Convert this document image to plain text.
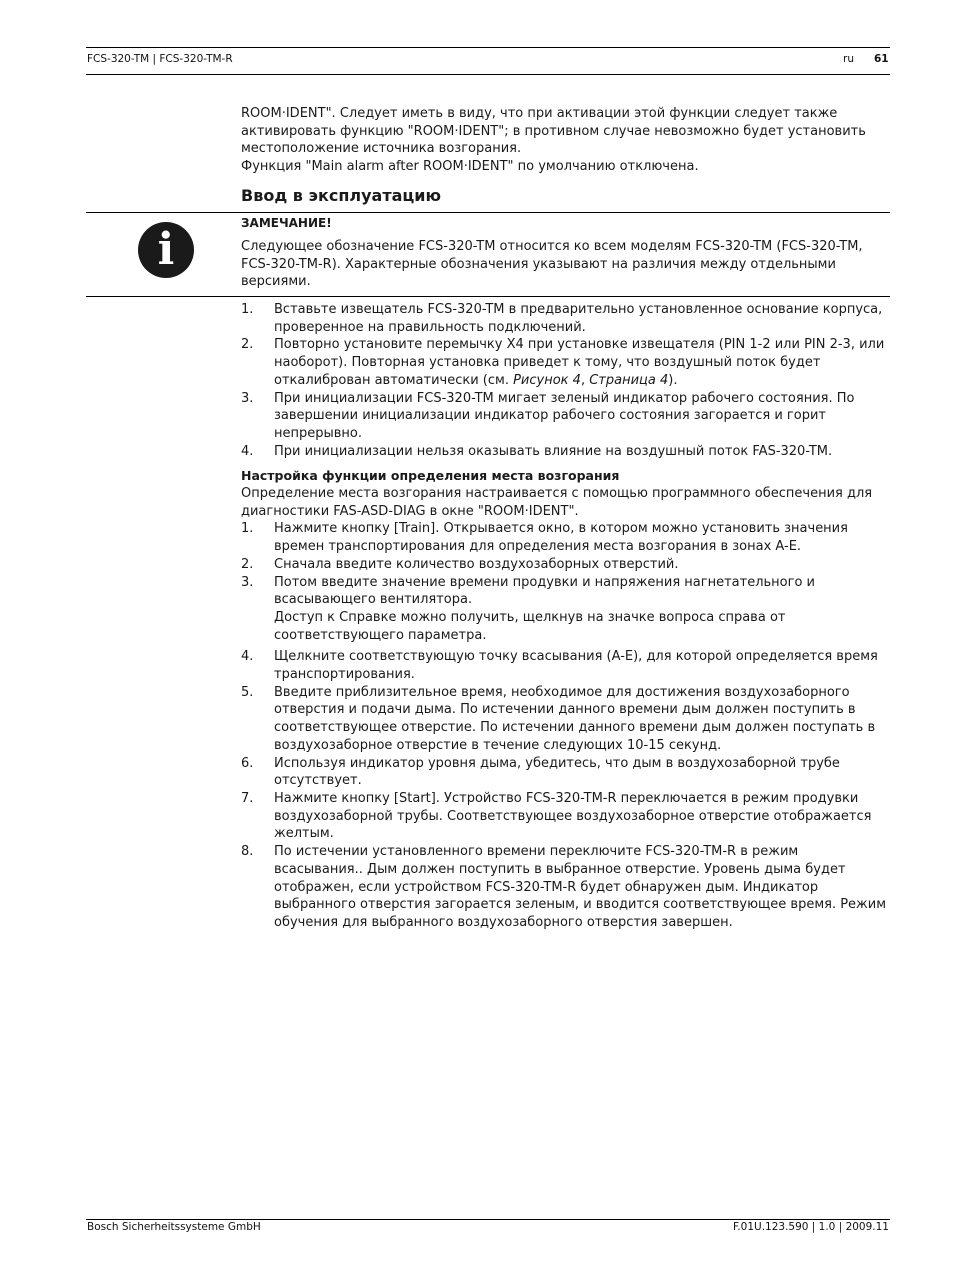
FCS-320-TM | FCS-320-TM-R	ru 61

ROOM·IDENT". Следует иметь в виду, что при активации этой функции следует также активировать функцию "ROOM·IDENT"; в противном случае невозможно будет установить местоположение источника возгорания.

Функция "Main alarm after ROOM·IDENT" по умолчанию отключена.

Ввод в эксплуатацию
i
ЗАМЕЧАНИЕ!
Следующее обозначение FCS-320-TM относится ко всем моделям FCS-320-TM (FCS-320-TM, FCS-320-TM-R). Характерные обозначения указывают на различия между отдельными версиями.
1. Вставьте извещатель FCS-320-TM в предварительно установленное основание корпуса, проверенное на правильность подключений.
2. Повторно установите перемычку X4 при установке извещателя (PIN 1-2 или PIN 2-3, или наоборот). Повторная установка приведет к тому, что воздушный поток будет откалиброван автоматически (см. Рисунок 4, Страница 4).
3. При инициализации FCS-320-TM мигает зеленый индикатор рабочего состояния. По завершении инициализации индикатор рабочего состояния загорается и горит непрерывно.
4. При инициализации нельзя оказывать влияние на воздушный поток FAS-320-TM.
Настройка функции определения места возгорания

Определение места возгорания настраивается с помощью программного обеспечения для диагностики FAS-ASD-DIAG в окне "ROOM·IDENT".

1. Нажмите кнопку [Train]. Открывается окно, в котором можно установить значения времен транспортирования для определения места возгорания в зонах A-E.
2. Сначала введите количество воздухозаборных отверстий.
3. Потом введите значение времени продувки и напряжения нагнетательного и всасывающего вентилятора.
Доступ к Справке можно получить, щелкнув на значке вопроса справа от соответствующего параметра.
4. Щелкните соответствующую точку всасывания (A-E), для которой определяется время транспортирования.
5. Введите приблизительное время, необходимое для достижения воздухозаборного отверстия и подачи дыма. По истечении данного времени дым должен поступить в соответствующее отверстие. По истечении данного времени дым должен поступать в воздухозаборное отверстие в течение следующих 10-15 секунд.
6. Используя индикатор уровня дыма, убедитесь, что дым в воздухозаборной трубе отсутствует.
7. Нажмите кнопку [Start]. Устройство FCS-320-TM-R переключается в режим продувки воздухозаборной трубы. Соответствующее воздухозаборное отверстие отображается желтым.
8. По истечении установленного времени переключите FCS-320-TM-R в режим всасывания.. Дым должен поступить в выбранное отверстие. Уровень дыма будет отображен, если устройством FCS-320-TM-R будет обнаружен дым. Индикатор выбранного отверстия загорается зеленым, и вводится соответствующее время. Режим обучения для выбранного воздухозаборного отверстия завершен.
Bosch Sicherheitssysteme GmbH	F.01U.123.590 | 1.0 | 2009.11
